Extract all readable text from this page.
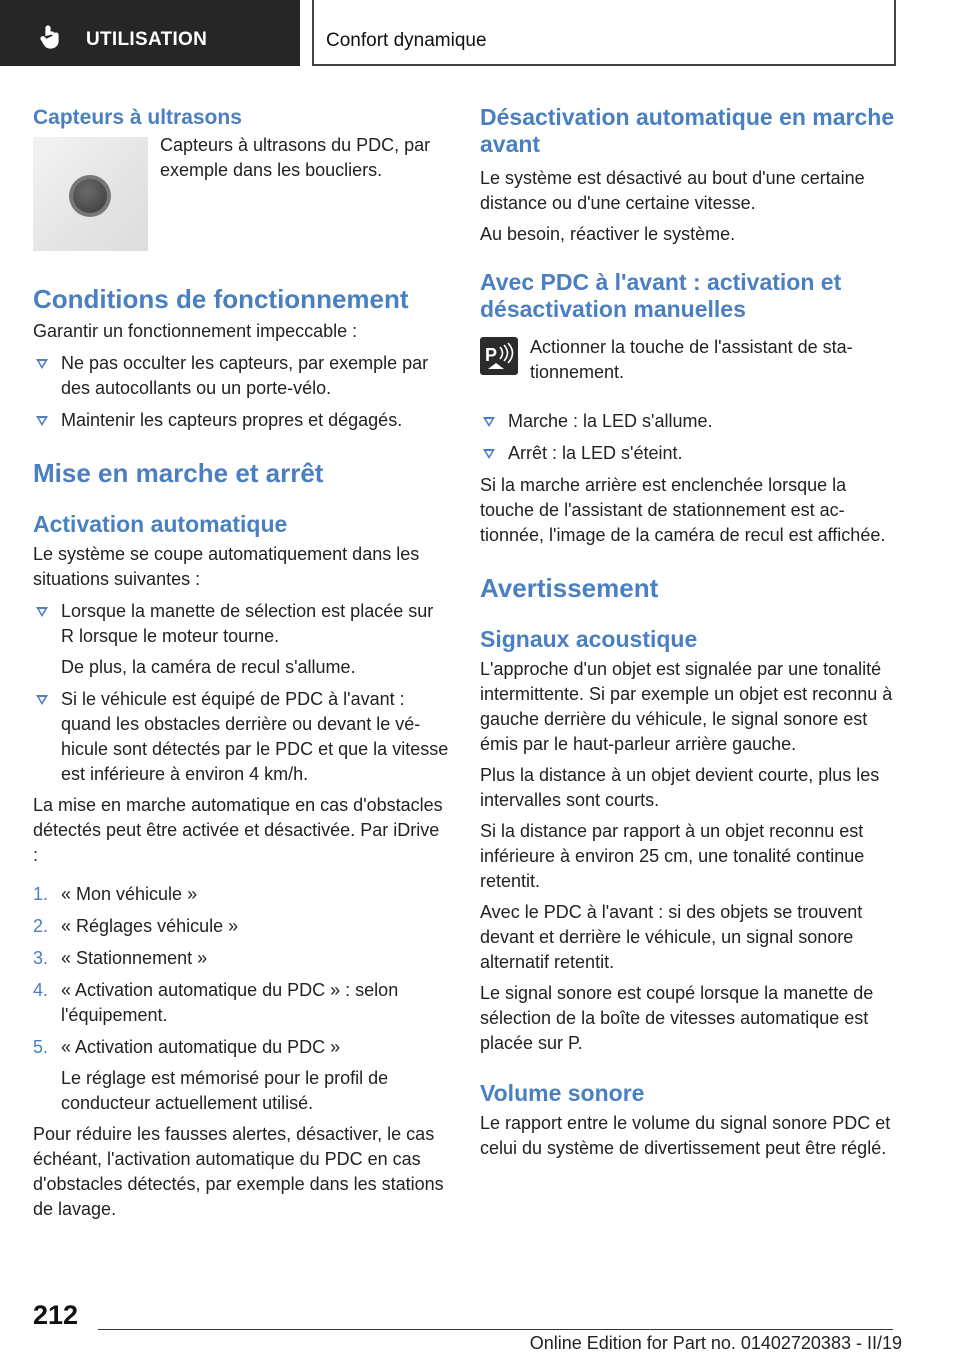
UTILISATION	Confort dynamique
Capteurs à ultrasons

Capteurs à ultrasons du PDC, par exemple dans les boucliers.

Conditions de fonctionnement

Garantir un fonctionnement impeccable :

Ne pas occulter les capteurs, par exemple par des autocollants ou un porte-vélo.
Maintenir les capteurs propres et dégagés.
Mise en marche et arrêt
Activation automatique

Le système se coupe automatiquement dans les situations suivantes :

Lorsque la manette de sélection est placée sur R lorsque le moteur tourne.

De plus, la caméra de recul s'allume.

Si le véhicule est équipé de PDC à l'avant : quand les obstacles derrière ou devant le véhicule sont détectés par le PDC et que la vitesse est inférieure à environ 4 km/h.

La mise en marche automatique en cas d'obstacles détectés peut être activée et désactivée. Par iDrive :

1. « Mon véhicule »
2. « Réglages véhicule »
3. « Stationnement »
4. « Activation automatique du PDC » : selon l'équipement.
5. « Activation automatique du PDC »

Le réglage est mémorisé pour le profil de conducteur actuellement utilisé.

Pour réduire les fausses alertes, désactiver, le cas échéant, l'activation automatique du PDC en cas d'obstacles détectés, par exemple dans les stations de lavage.

Désactivation automatique en marche avant

Le système est désactivé au bout d'une certaine distance ou d'une certaine vitesse.

Au besoin, réactiver le système.

Avec PDC à l'avant : activation et désactivation manuelles
P Actionner la touche de l'assistant de stationnement.

Marche : la LED s'allume.
Arrêt : la LED s'éteint.

Si la marche arrière est enclenchée lorsque la touche de l'assistant de stationnement est actionnée, l'image de la caméra de recul est affichée.

Avertissement
Signaux acoustique

L'approche d'un objet est signalée par une tonalité intermittente. Si par exemple un objet est reconnu à gauche derrière du véhicule, le signal sonore est émis par le haut-parleur arrière gauche.

Plus la distance à un objet devient courte, plus les intervalles sont courts.

Si la distance par rapport à un objet reconnu est inférieure à environ 25 cm, une tonalité continue retentit.

Avec le PDC à l'avant : si des objets se trouvent devant et derrière le véhicule, un signal sonore alternatif retentit.

Le signal sonore est coupé lorsque la manette de sélection de la boîte de vitesses automatique est placée sur P.

Volume sonore

Le rapport entre le volume du signal sonore PDC et celui du système de divertissement peut être réglé.

212
Online Edition for Part no. 01402720383 - II/19
